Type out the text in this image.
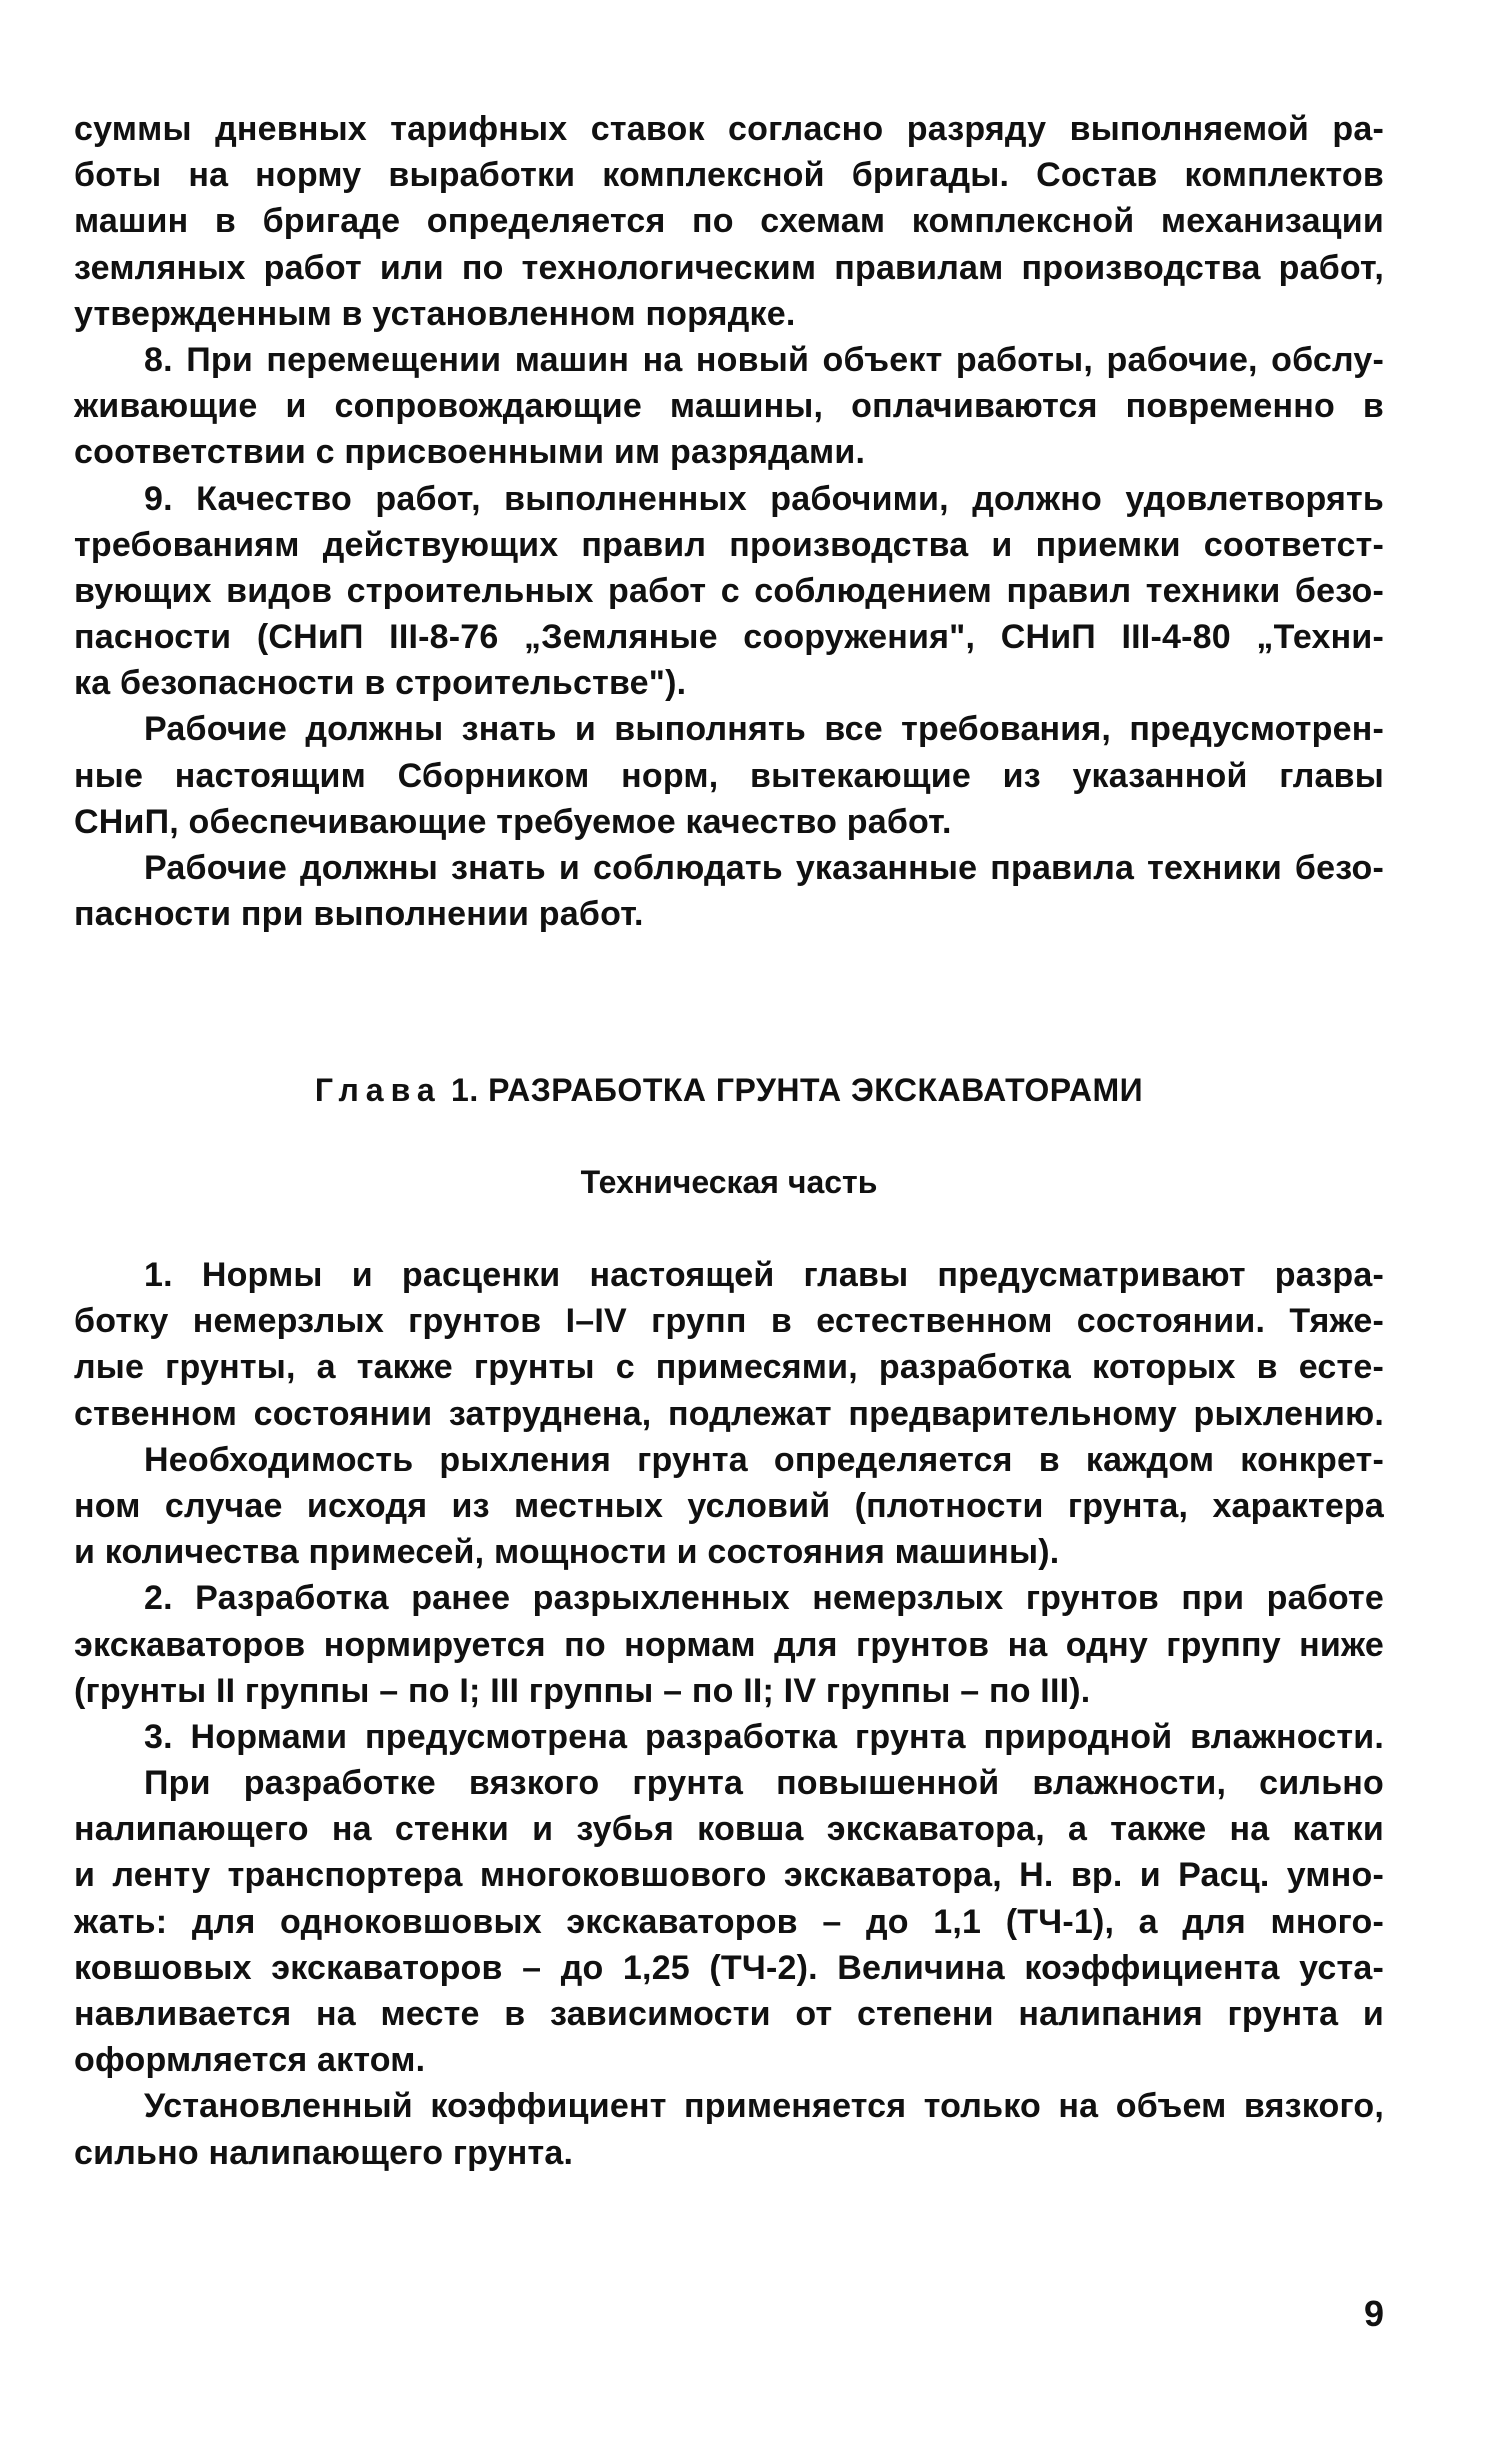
суммы дневных тарифных ставок согласно разряду выполняемой ра-
боты на норму выработки комплексной бригады. Состав комплектов
машин в бригаде определяется по схемам комплексной механизации
земляных работ или по технологическим правилам производства работ,
утвержденным в установленном порядке.
8. При перемещении машин на новый объект работы, рабочие, обслу-
живающие и сопровождающие машины, оплачиваются повременно в
соответствии с присвоенными им разрядами.
9. Качество работ, выполненных рабочими, должно удовлетворять
требованиям действующих правил производства и приемки соответст-
вующих видов строительных работ с соблюдением правил техники безо-
пасности (СНиП III-8-76 „Земляные сооружения", СНиП III-4-80 „Техни-
ка безопасности в строительстве").
Рабочие должны знать и выполнять все требования, предусмотрен-
ные настоящим Сборником норм, вытекающие из указанной главы
СНиП, обеспечивающие требуемое качество работ.
Рабочие должны знать и соблюдать указанные правила техники безо-
пасности при выполнении работ.
Глава 1. РАЗРАБОТКА ГРУНТА ЭКСКАВАТОРАМИ
Техническая часть
1. Нормы и расценки настоящей главы предусматривают разра-
ботку немерзлых грунтов I–IV групп в естественном состоянии. Тяже-
лые грунты, а также грунты с примесями, разработка которых в есте-
ственном состоянии затруднена, подлежат предварительному рыхлению.
Необходимость рыхления грунта определяется в каждом конкрет-
ном случае исходя из местных условий (плотности грунта, характера
и количества примесей, мощности и состояния машины).
2. Разработка ранее разрыхленных немерзлых грунтов при работе
экскаваторов нормируется по нормам для грунтов на одну группу ниже
(грунты II группы – по I; III группы – по II; IV группы – по III).
3. Нормами предусмотрена разработка грунта природной влажности.
При разработке вязкого грунта повышенной влажности, сильно
налипающего на стенки и зубья ковша экскаватора, а также на катки
и ленту транспортера многоковшового экскаватора, Н. вр. и Расц. умно-
жать: для одноковшовых экскаваторов – до 1,1 (ТЧ-1), а для много-
ковшовых экскаваторов – до 1,25 (ТЧ-2). Величина коэффициента уста-
навливается на месте в зависимости от степени налипания грунта и
оформляется актом.
Установленный коэффициент применяется только на объем вязкого,
сильно налипающего грунта.
9
